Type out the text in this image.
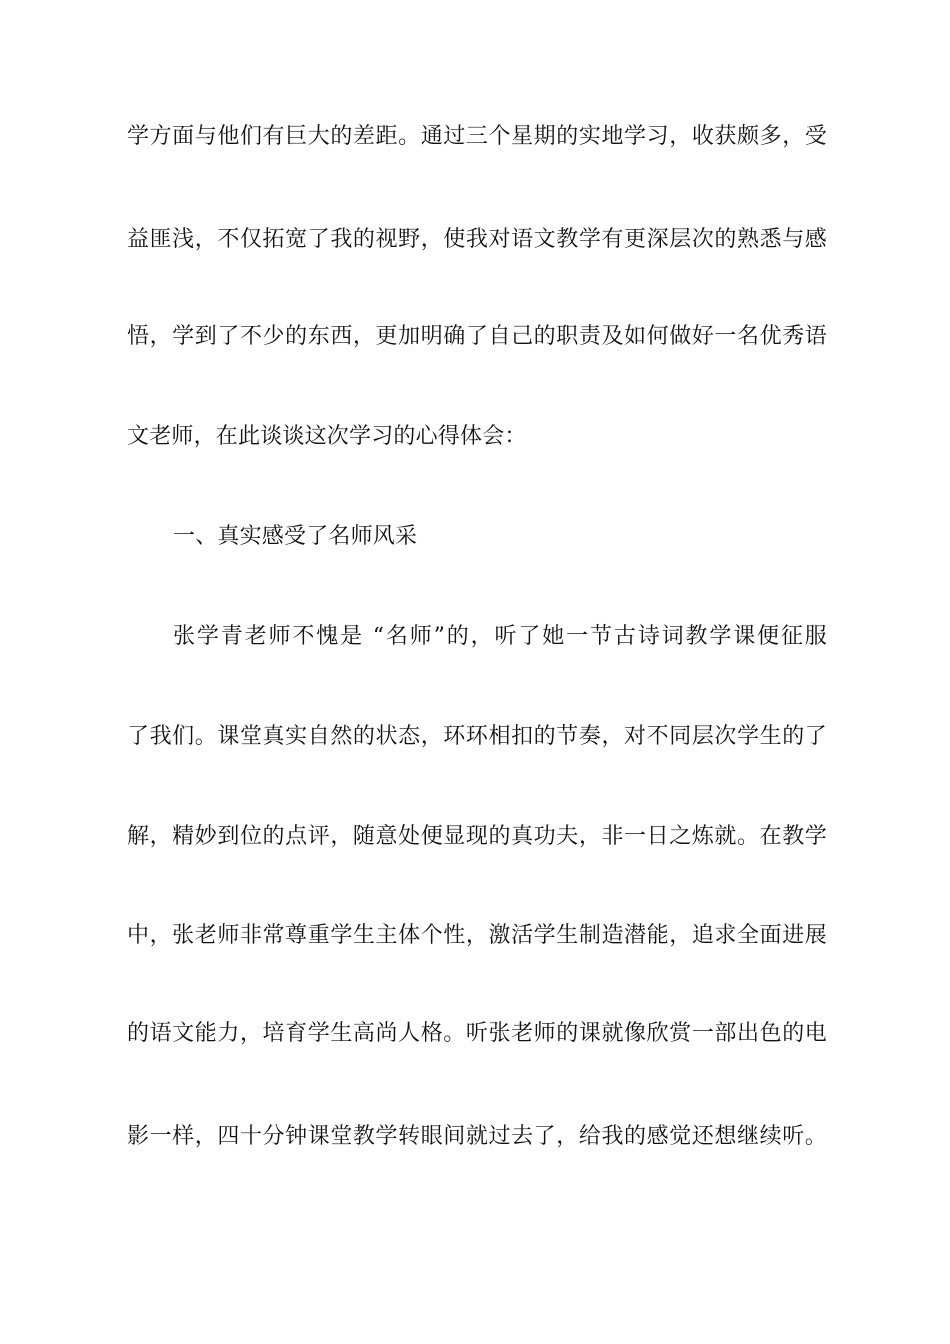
学方面与他们有巨大的差距。通过三个星期的实地学习，收获颇多，受
益匪浅，不仅拓宽了我的视野，使我对语文教学有更深层次的熟悉与感
悟，学到了不少的东西，更加明确了自己的职责及如何做好一名优秀语
文老师，在此谈谈这次学习的心得体会：
一、真实感受了名师风采
张学青老师不愧是 “名师”的，听了她一节古诗词教学课便征服
了我们。课堂真实自然的状态，环环相扣的节奏，对不同层次学生的了
解，精妙到位的点评，随意处便显现的真功夫，非一日之炼就。在教学
中，张老师非常尊重学生主体个性，激活学生制造潜能，追求全面进展
的语文能力，培育学生高尚人格。听张老师的课就像欣赏一部出色的电
影一样，四十分钟课堂教学转眼间就过去了，给我的感觉还想继续听。
